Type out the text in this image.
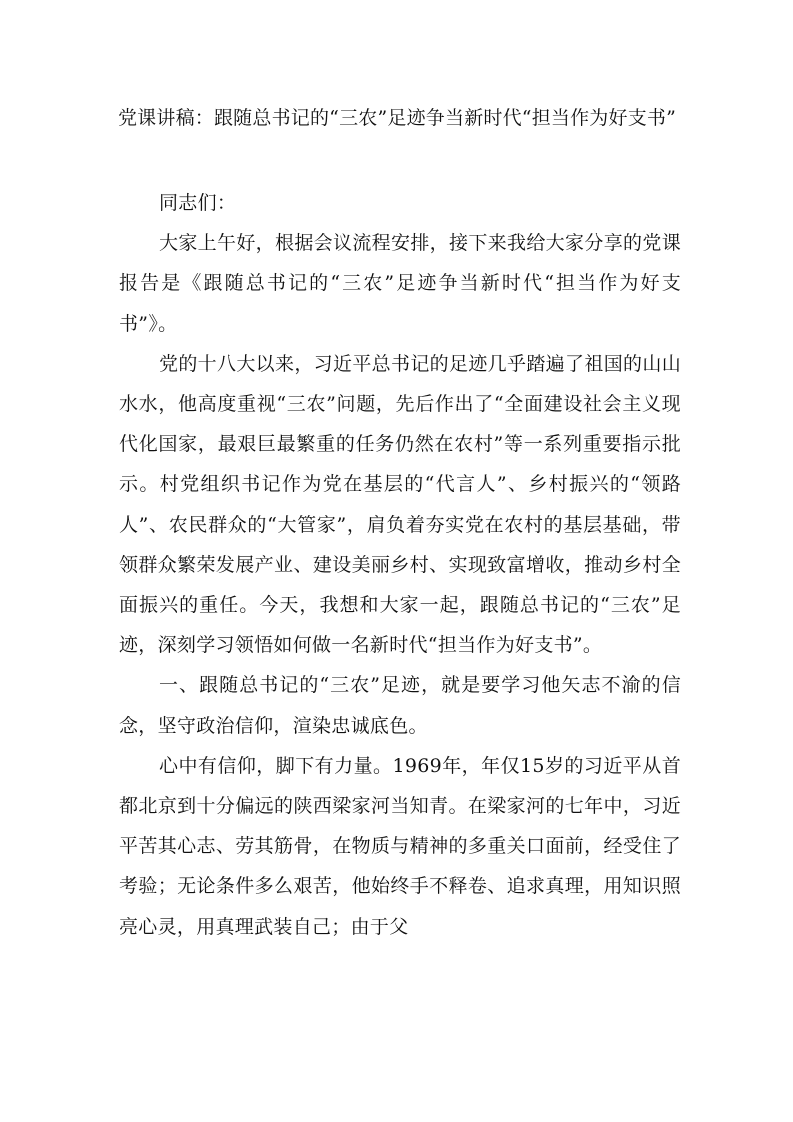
党课讲稿：跟随总书记的“三农”足迹争当新时代“担当作为好支书”

同志们：

大家上午好，根据会议流程安排，接下来我给大家分享的党课报告是《跟随总书记的“三农”足迹争当新时代“担当作为好支书”》。

党的十八大以来，习近平总书记的足迹几乎踏遍了祖国的山山水水，他高度重视“三农”问题，先后作出了“全面建设社会主义现代化国家，最艰巨最繁重的任务仍然在农村”等一系列重要指示批示。村党组织书记作为党在基层的“代言人”、乡村振兴的“领路人”、农民群众的“大管家”，肩负着夯实党在农村的基层基础，带领群众繁荣发展产业、建设美丽乡村、实现致富增收，推动乡村全面振兴的重任。今天，我想和大家一起，跟随总书记的“三农”足迹，深刻学习领悟如何做一名新时代“担当作为好支书”。

一、跟随总书记的“三农”足迹，就是要学习他矢志不渝的信念，坚守政治信仰，渲染忠诚底色。

心中有信仰，脚下有力量。1969年，年仅15岁的习近平从首都北京到十分偏远的陕西梁家河当知青。在梁家河的七年中，习近平苦其心志、劳其筋骨，在物质与精神的多重关口面前，经受住了考验；无论条件多么艰苦，他始终手不释卷、追求真理，用知识照亮心灵，用真理武装自己；由于父
